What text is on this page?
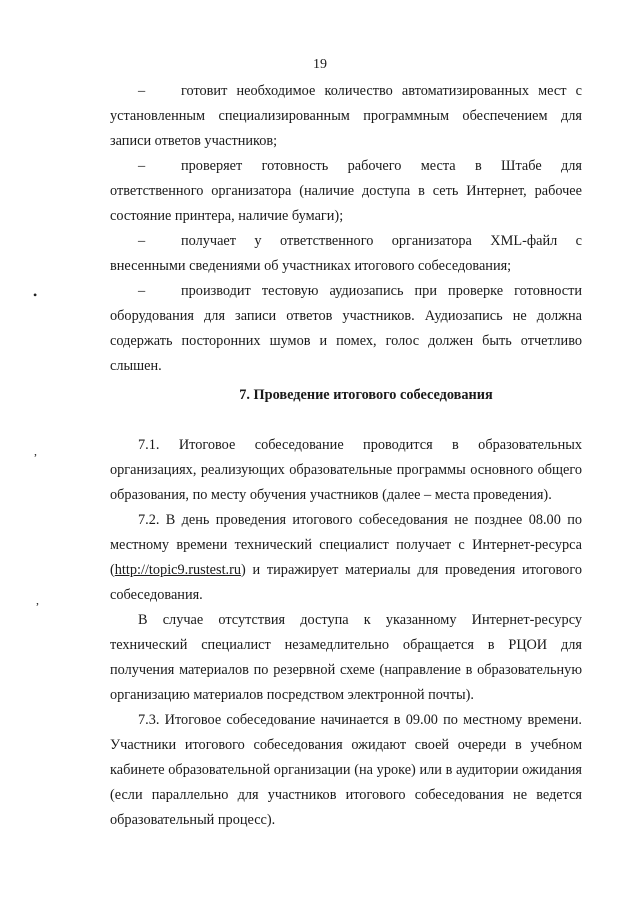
19
•
,
,

–	готовит необходимое количество автоматизированных мест с установленным специализированным программным обеспечением для записи ответов участников;

–	проверяет готовность рабочего места в Штабе для ответственного организатора (наличие доступа в сеть Интернет, рабочее состояние принтера, наличие бумаги);

–	получает у ответственного организатора XML-файл с внесенными сведениями об участниках итогового собеседования;

–	производит тестовую аудиозапись при проверке готовности оборудования для записи ответов участников. Аудиозапись не должна содержать посторонних шумов и помех, голос должен быть отчетливо слышен.

7. Проведение итогового собеседования

7.1. Итоговое собеседование проводится в образовательных организациях, реализующих образовательные программы основного общего образования, по месту обучения участников (далее – места проведения).

7.2. В день проведения итогового собеседования не позднее 08.00 по местному времени технический специалист получает с Интернет-ресурса (http://topic9.rustest.ru) и тиражирует материалы для проведения итогового собеседования.

В случае отсутствия доступа к указанному Интернет-ресурсу технический специалист незамедлительно обращается в РЦОИ для получения материалов по резервной схеме (направление в образовательную организацию материалов посредством электронной почты).

7.3. Итоговое собеседование начинается в 09.00 по местному времени. Участники итогового собеседования ожидают своей очереди в учебном кабинете образовательной организации (на уроке) или в аудитории ожидания (если параллельно для участников итогового собеседования не ведется образовательный процесс).
